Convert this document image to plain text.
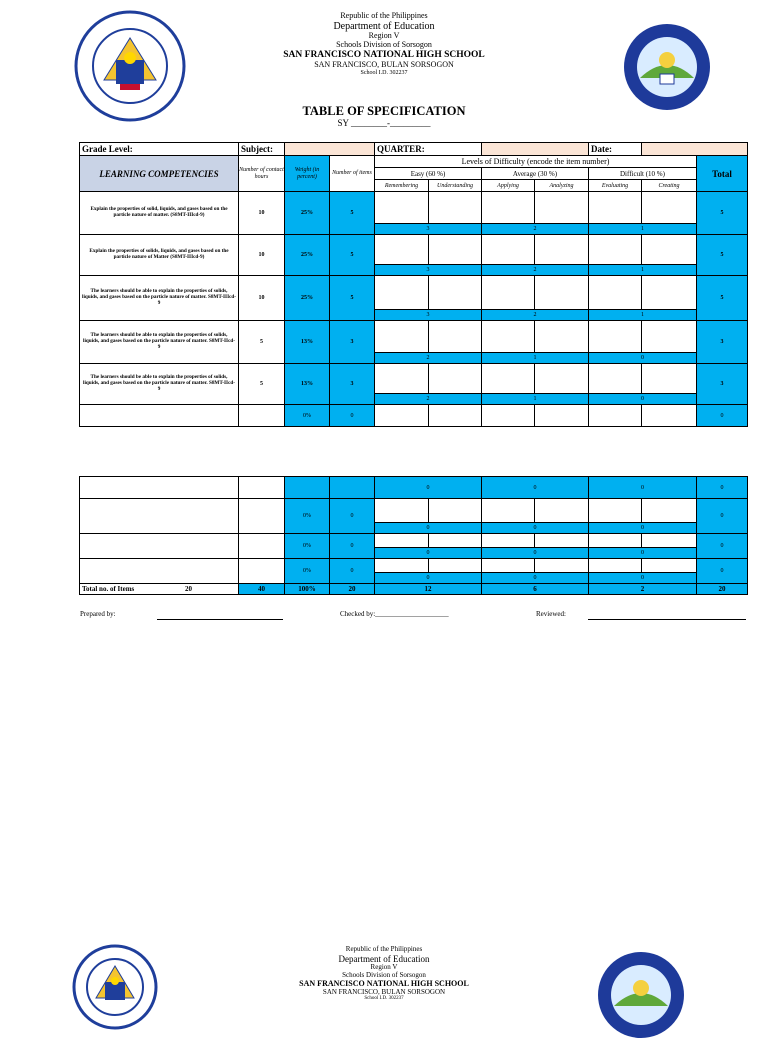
Republic of the Philippines
Department of Education
Region V
Schools Division of Sorsogon
SAN FRANCISCO NATIONAL HIGH SCHOOL
SAN FRANCISCO, BULAN SORSOGON
School I.D. 302237
TABLE OF SPECIFICATION
SY ________-_________
Grade Level:	Subject:			QUARTER:				Date:		
LEARNING COMPETENCIES	Number of contact hours	Weight (in percent)	Number of items	Levels of Difficulty (encode the item number)						Total
				Easy (60 %)		Average (30 %)		Difficult (10 %)		
				Remembering	Understanding	Applying	Analyzing	Evaluating	Creating	
Explain the properties of solid, liquids, and gases based on the particle nature of matter. (S8MT-IIIcd-9)	10	25%	5							5
				3		2		1		
Explain the properties of solids, liquids, and gases based on the particle nature of Matter (S8MT-IIIcd-9)	10	25%	5							5
				3		2		1		
The learners should be able to explain the properties of solids, liquids, and gases based on the particle nature of matter. S8MT-IIIcd-9	10	25%	5							5
				3		2		1		
The learners should be able to explain the properties of solids, liquids, and gases based on the particle nature of matter. S8MT-IIcd-9	5	13%	3							3
				2		1		0		
The learners should be able to explain the properties of solids, liquids, and gases based on the particle nature of matter. S8MT-IIcd-9	5	13%	3							3
				2		1		0		
		0%	0							0
				0		0		0		0
		0%	0							0
				0		0		0		
		0%	0							0
				0		0		0		
		0%	0							0
				0		0		0		
Total no. of Items 20	40	100%	20	12		6		2		20
Prepared by:	Checked by:_____________________	Reviewed:
Republic of the Philippines
Department of Education
Region V
Schools Division of Sorsogon
SAN FRANCISCO NATIONAL HIGH SCHOOL
SAN FRANCISCO, BULAN SORSOGON
School I.D. 302237
